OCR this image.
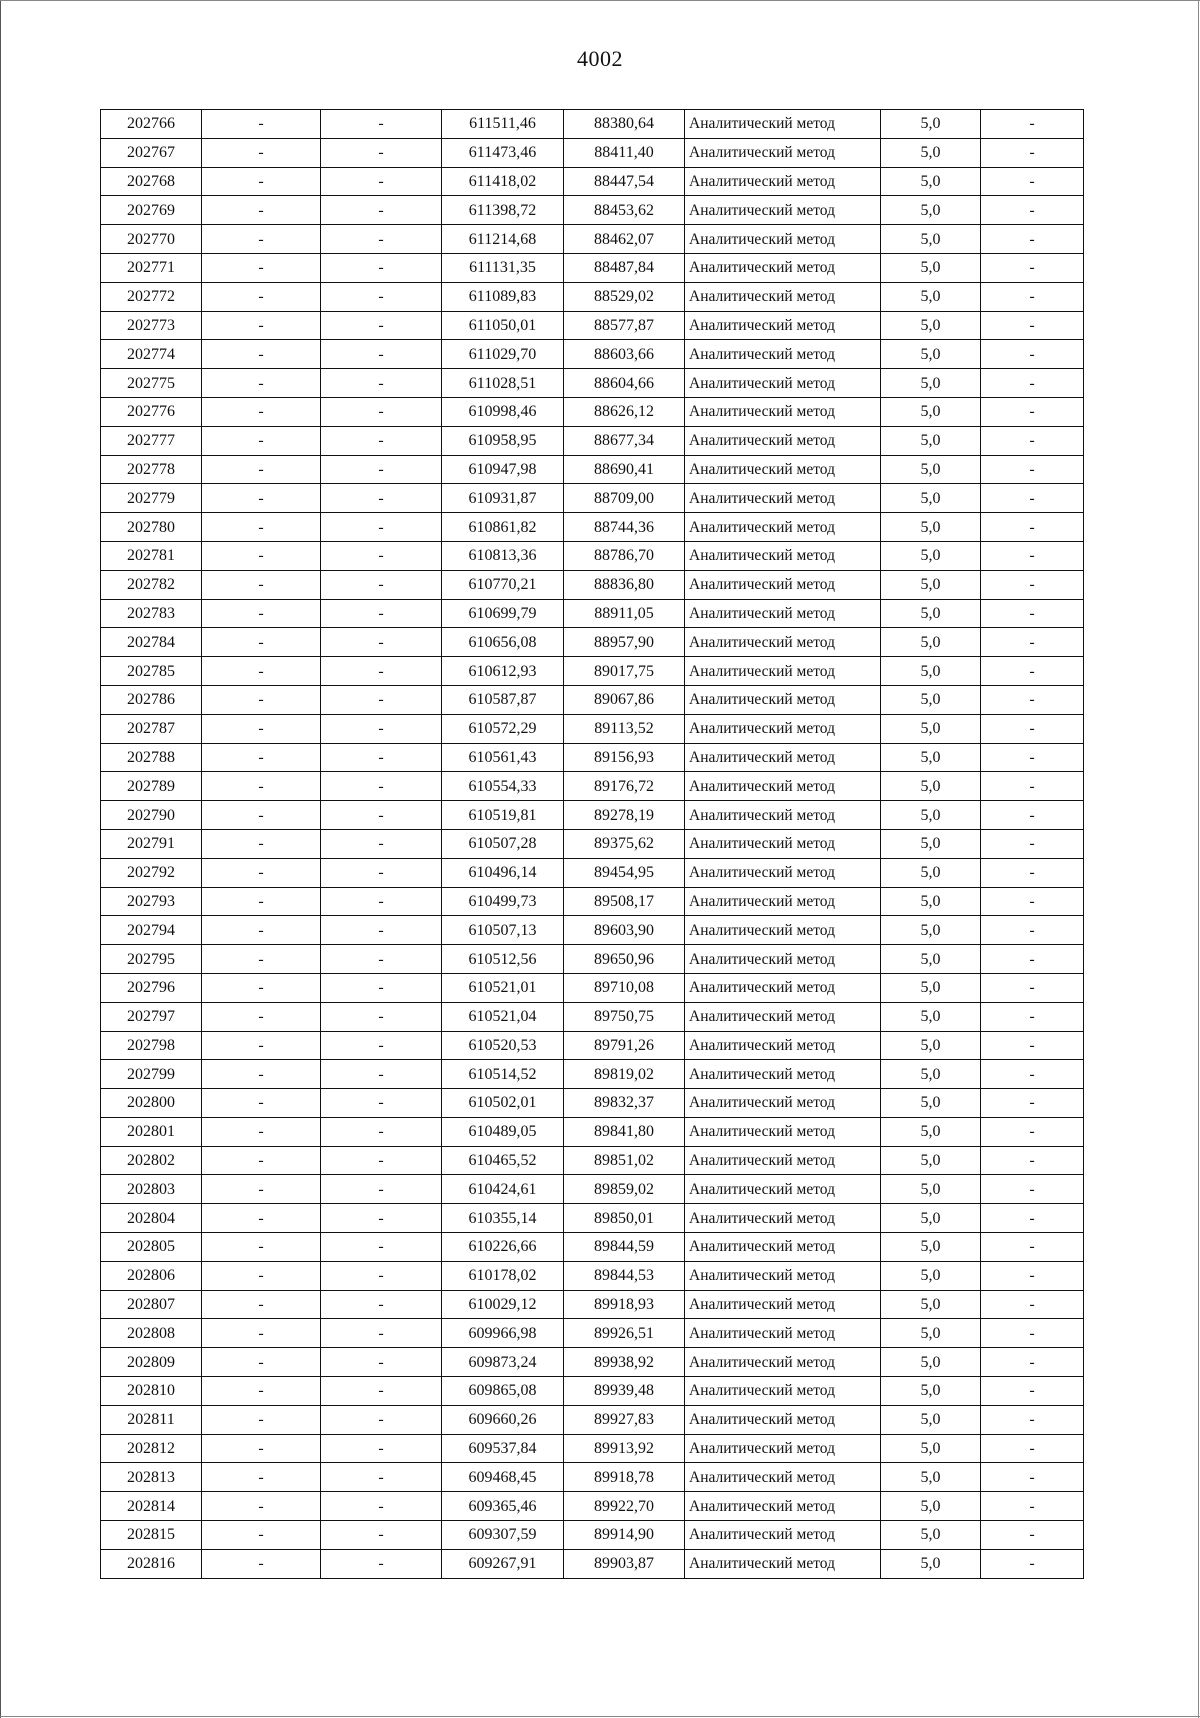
4002
202766	-	-	611511,46	88380,64	Аналитический метод	5,0	-
202767	-	-	611473,46	88411,40	Аналитический метод	5,0	-
202768	-	-	611418,02	88447,54	Аналитический метод	5,0	-
202769	-	-	611398,72	88453,62	Аналитический метод	5,0	-
202770	-	-	611214,68	88462,07	Аналитический метод	5,0	-
202771	-	-	611131,35	88487,84	Аналитический метод	5,0	-
202772	-	-	611089,83	88529,02	Аналитический метод	5,0	-
202773	-	-	611050,01	88577,87	Аналитический метод	5,0	-
202774	-	-	611029,70	88603,66	Аналитический метод	5,0	-
202775	-	-	611028,51	88604,66	Аналитический метод	5,0	-
202776	-	-	610998,46	88626,12	Аналитический метод	5,0	-
202777	-	-	610958,95	88677,34	Аналитический метод	5,0	-
202778	-	-	610947,98	88690,41	Аналитический метод	5,0	-
202779	-	-	610931,87	88709,00	Аналитический метод	5,0	-
202780	-	-	610861,82	88744,36	Аналитический метод	5,0	-
202781	-	-	610813,36	88786,70	Аналитический метод	5,0	-
202782	-	-	610770,21	88836,80	Аналитический метод	5,0	-
202783	-	-	610699,79	88911,05	Аналитический метод	5,0	-
202784	-	-	610656,08	88957,90	Аналитический метод	5,0	-
202785	-	-	610612,93	89017,75	Аналитический метод	5,0	-
202786	-	-	610587,87	89067,86	Аналитический метод	5,0	-
202787	-	-	610572,29	89113,52	Аналитический метод	5,0	-
202788	-	-	610561,43	89156,93	Аналитический метод	5,0	-
202789	-	-	610554,33	89176,72	Аналитический метод	5,0	-
202790	-	-	610519,81	89278,19	Аналитический метод	5,0	-
202791	-	-	610507,28	89375,62	Аналитический метод	5,0	-
202792	-	-	610496,14	89454,95	Аналитический метод	5,0	-
202793	-	-	610499,73	89508,17	Аналитический метод	5,0	-
202794	-	-	610507,13	89603,90	Аналитический метод	5,0	-
202795	-	-	610512,56	89650,96	Аналитический метод	5,0	-
202796	-	-	610521,01	89710,08	Аналитический метод	5,0	-
202797	-	-	610521,04	89750,75	Аналитический метод	5,0	-
202798	-	-	610520,53	89791,26	Аналитический метод	5,0	-
202799	-	-	610514,52	89819,02	Аналитический метод	5,0	-
202800	-	-	610502,01	89832,37	Аналитический метод	5,0	-
202801	-	-	610489,05	89841,80	Аналитический метод	5,0	-
202802	-	-	610465,52	89851,02	Аналитический метод	5,0	-
202803	-	-	610424,61	89859,02	Аналитический метод	5,0	-
202804	-	-	610355,14	89850,01	Аналитический метод	5,0	-
202805	-	-	610226,66	89844,59	Аналитический метод	5,0	-
202806	-	-	610178,02	89844,53	Аналитический метод	5,0	-
202807	-	-	610029,12	89918,93	Аналитический метод	5,0	-
202808	-	-	609966,98	89926,51	Аналитический метод	5,0	-
202809	-	-	609873,24	89938,92	Аналитический метод	5,0	-
202810	-	-	609865,08	89939,48	Аналитический метод	5,0	-
202811	-	-	609660,26	89927,83	Аналитический метод	5,0	-
202812	-	-	609537,84	89913,92	Аналитический метод	5,0	-
202813	-	-	609468,45	89918,78	Аналитический метод	5,0	-
202814	-	-	609365,46	89922,70	Аналитический метод	5,0	-
202815	-	-	609307,59	89914,90	Аналитический метод	5,0	-
202816	-	-	609267,91	89903,87	Аналитический метод	5,0	-
